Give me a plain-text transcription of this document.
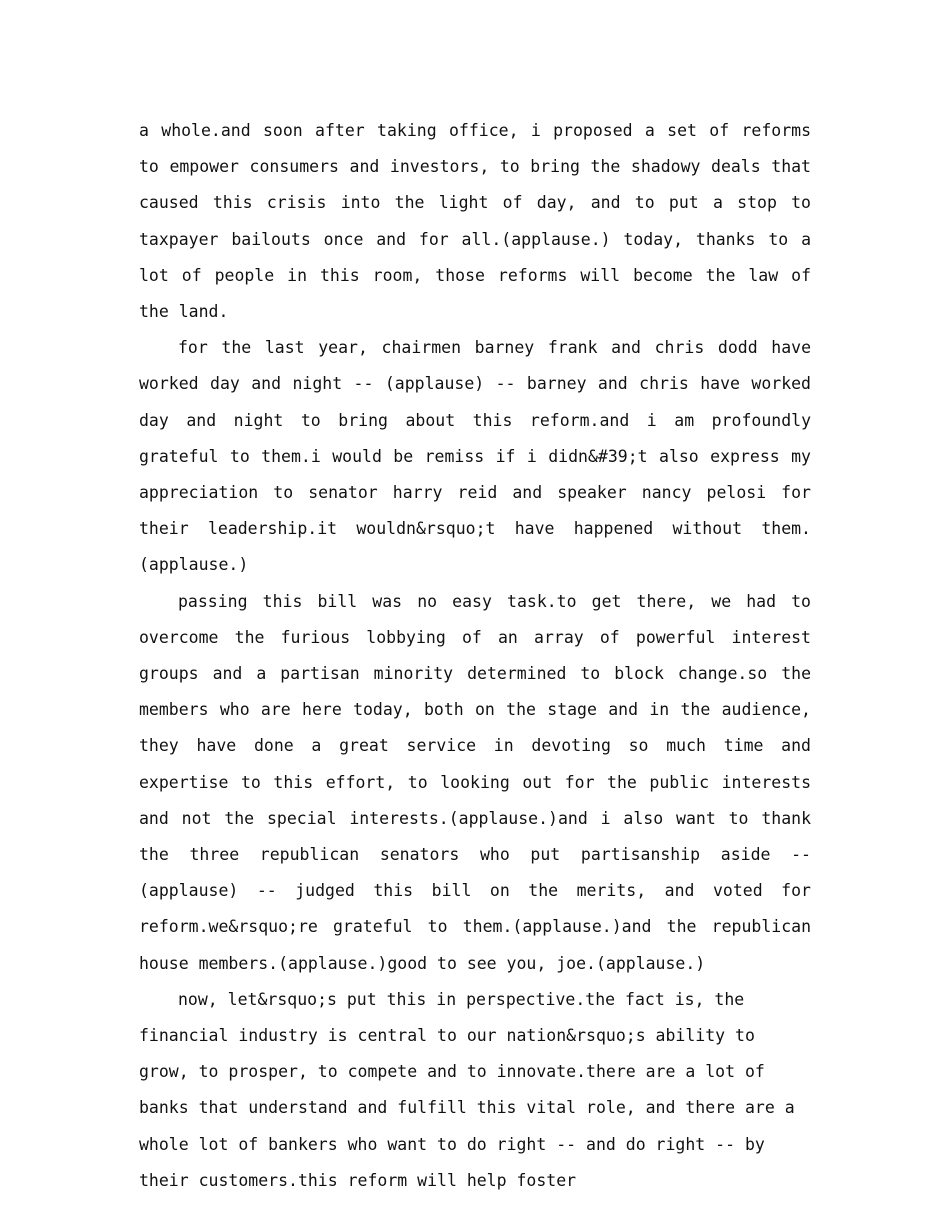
a whole.and soon after taking office, i proposed a set of reforms to empower consumers and investors, to bring the shadowy deals that caused this crisis into the light of day, and to put a stop to taxpayer bailouts once and for all.(applause.) today, thanks to a lot of people in this room, those reforms will become the law of the land.

for the last year, chairmen barney frank and chris dodd have worked day and night -- (applause) -- barney and chris have worked day and night to bring about this reform.and i am profoundly grateful to them.i would be remiss if i didn&#39;t also express my appreciation to senator harry reid and speaker nancy pelosi for their leadership.it wouldn&rsquo;t have happened without them.(applause.)

passing this bill was no easy task.to get there, we had to overcome the furious lobbying of an array of powerful interest groups and a partisan minority determined to block change.so the members who are here today, both on the stage and in the audience, they have done a great service in devoting so much time and expertise to this effort, to looking out for the public interests and not the special interests.(applause.)and i also want to thank the three republican senators who put partisanship aside -- (applause) -- judged this bill on the merits, and voted for reform.we&rsquo;re grateful to them.(applause.)and the republican house members.(applause.)good to see you, joe.(applause.)

now, let&rsquo;s put this in perspective.the fact is, the financial industry is central to our nation&rsquo;s ability to grow, to prosper, to compete and to innovate.there are a lot of banks that understand and fulfill this vital role, and there are a whole lot of bankers who want to do right -- and do right -- by their customers.this reform will help foster
